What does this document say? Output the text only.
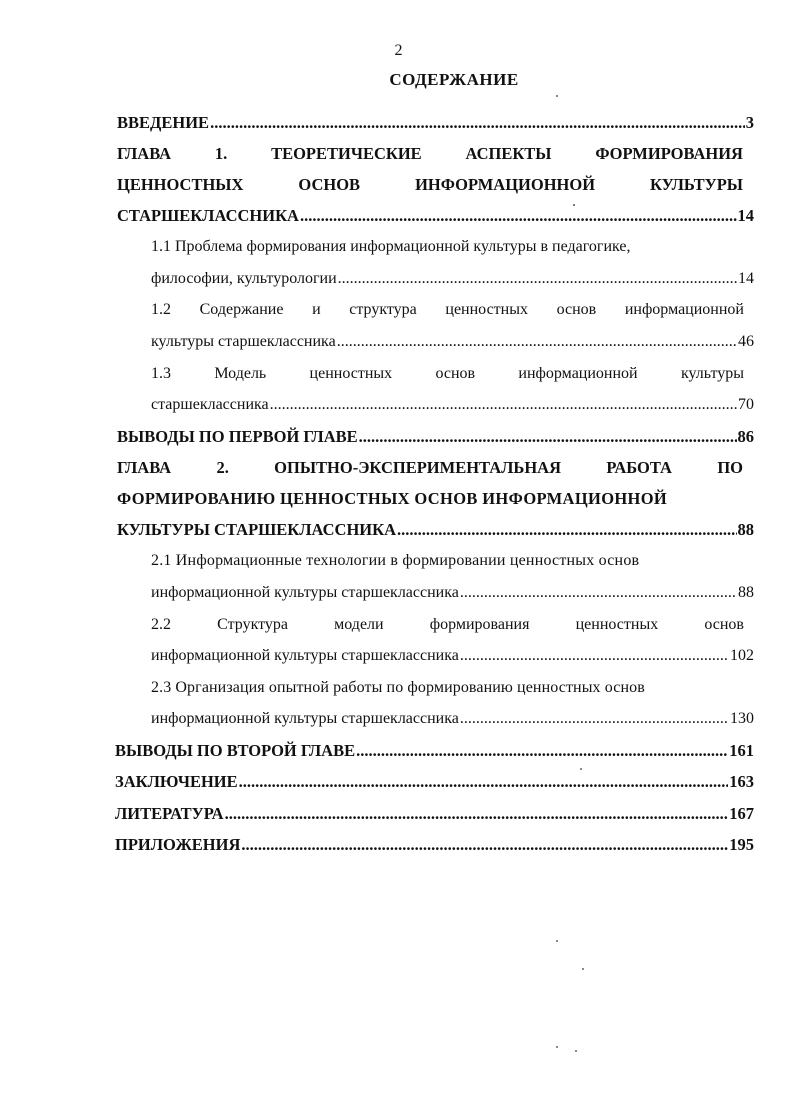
2
СОДЕРЖАНИЕ
ВВЕДЕНИЕ .....	3
ГЛАВА	1.	ТЕОРЕТИЧЕСКИЕ	АСПЕКТЫ	ФОРМИРОВАНИЯ
ЦЕННОСТНЫХ	ОСНОВ	ИНФОРМАЦИОННОЙ	КУЛЬТУРЫ
СТАРШЕКЛАССНИКА .....	14
1.1 Проблема формирования информационной культуры в педагогике,
философии, культурологии .....	14
1.2 Содержание и структура ценностных основ информационной
культуры старшеклассника .....	46
1.3	Модель	ценностных	основ	информационной	культуры
старшеклассника .....	70
ВЫВОДЫ ПО ПЕРВОЙ ГЛАВЕ .....	86
ГЛАВА	2.	ОПЫТНО-ЭКСПЕРИМЕНТАЛЬНАЯ	РАБОТА	ПО
ФОРМИРОВАНИЮ ЦЕННОСТНЫХ ОСНОВ ИНФОРМАЦИОННОЙ
КУЛЬТУРЫ СТАРШЕКЛАССНИКА .....	88
2.1 Информационные технологии в формировании ценностных основ
информационной культуры старшеклассника .....	88
2.2	Структура	модели	формирования	ценностных	основ
информационной культуры старшеклассника .....	102
2.3 Организация опытной работы по формированию ценностных основ
информационной культуры старшеклассника .....	130
ВЫВОДЫ ПО ВТОРОЙ ГЛАВЕ .....	161
ЗАКЛЮЧЕНИЕ .....	163
ЛИТЕРАТУРА .....	167
ПРИЛОЖЕНИЯ .....	195
